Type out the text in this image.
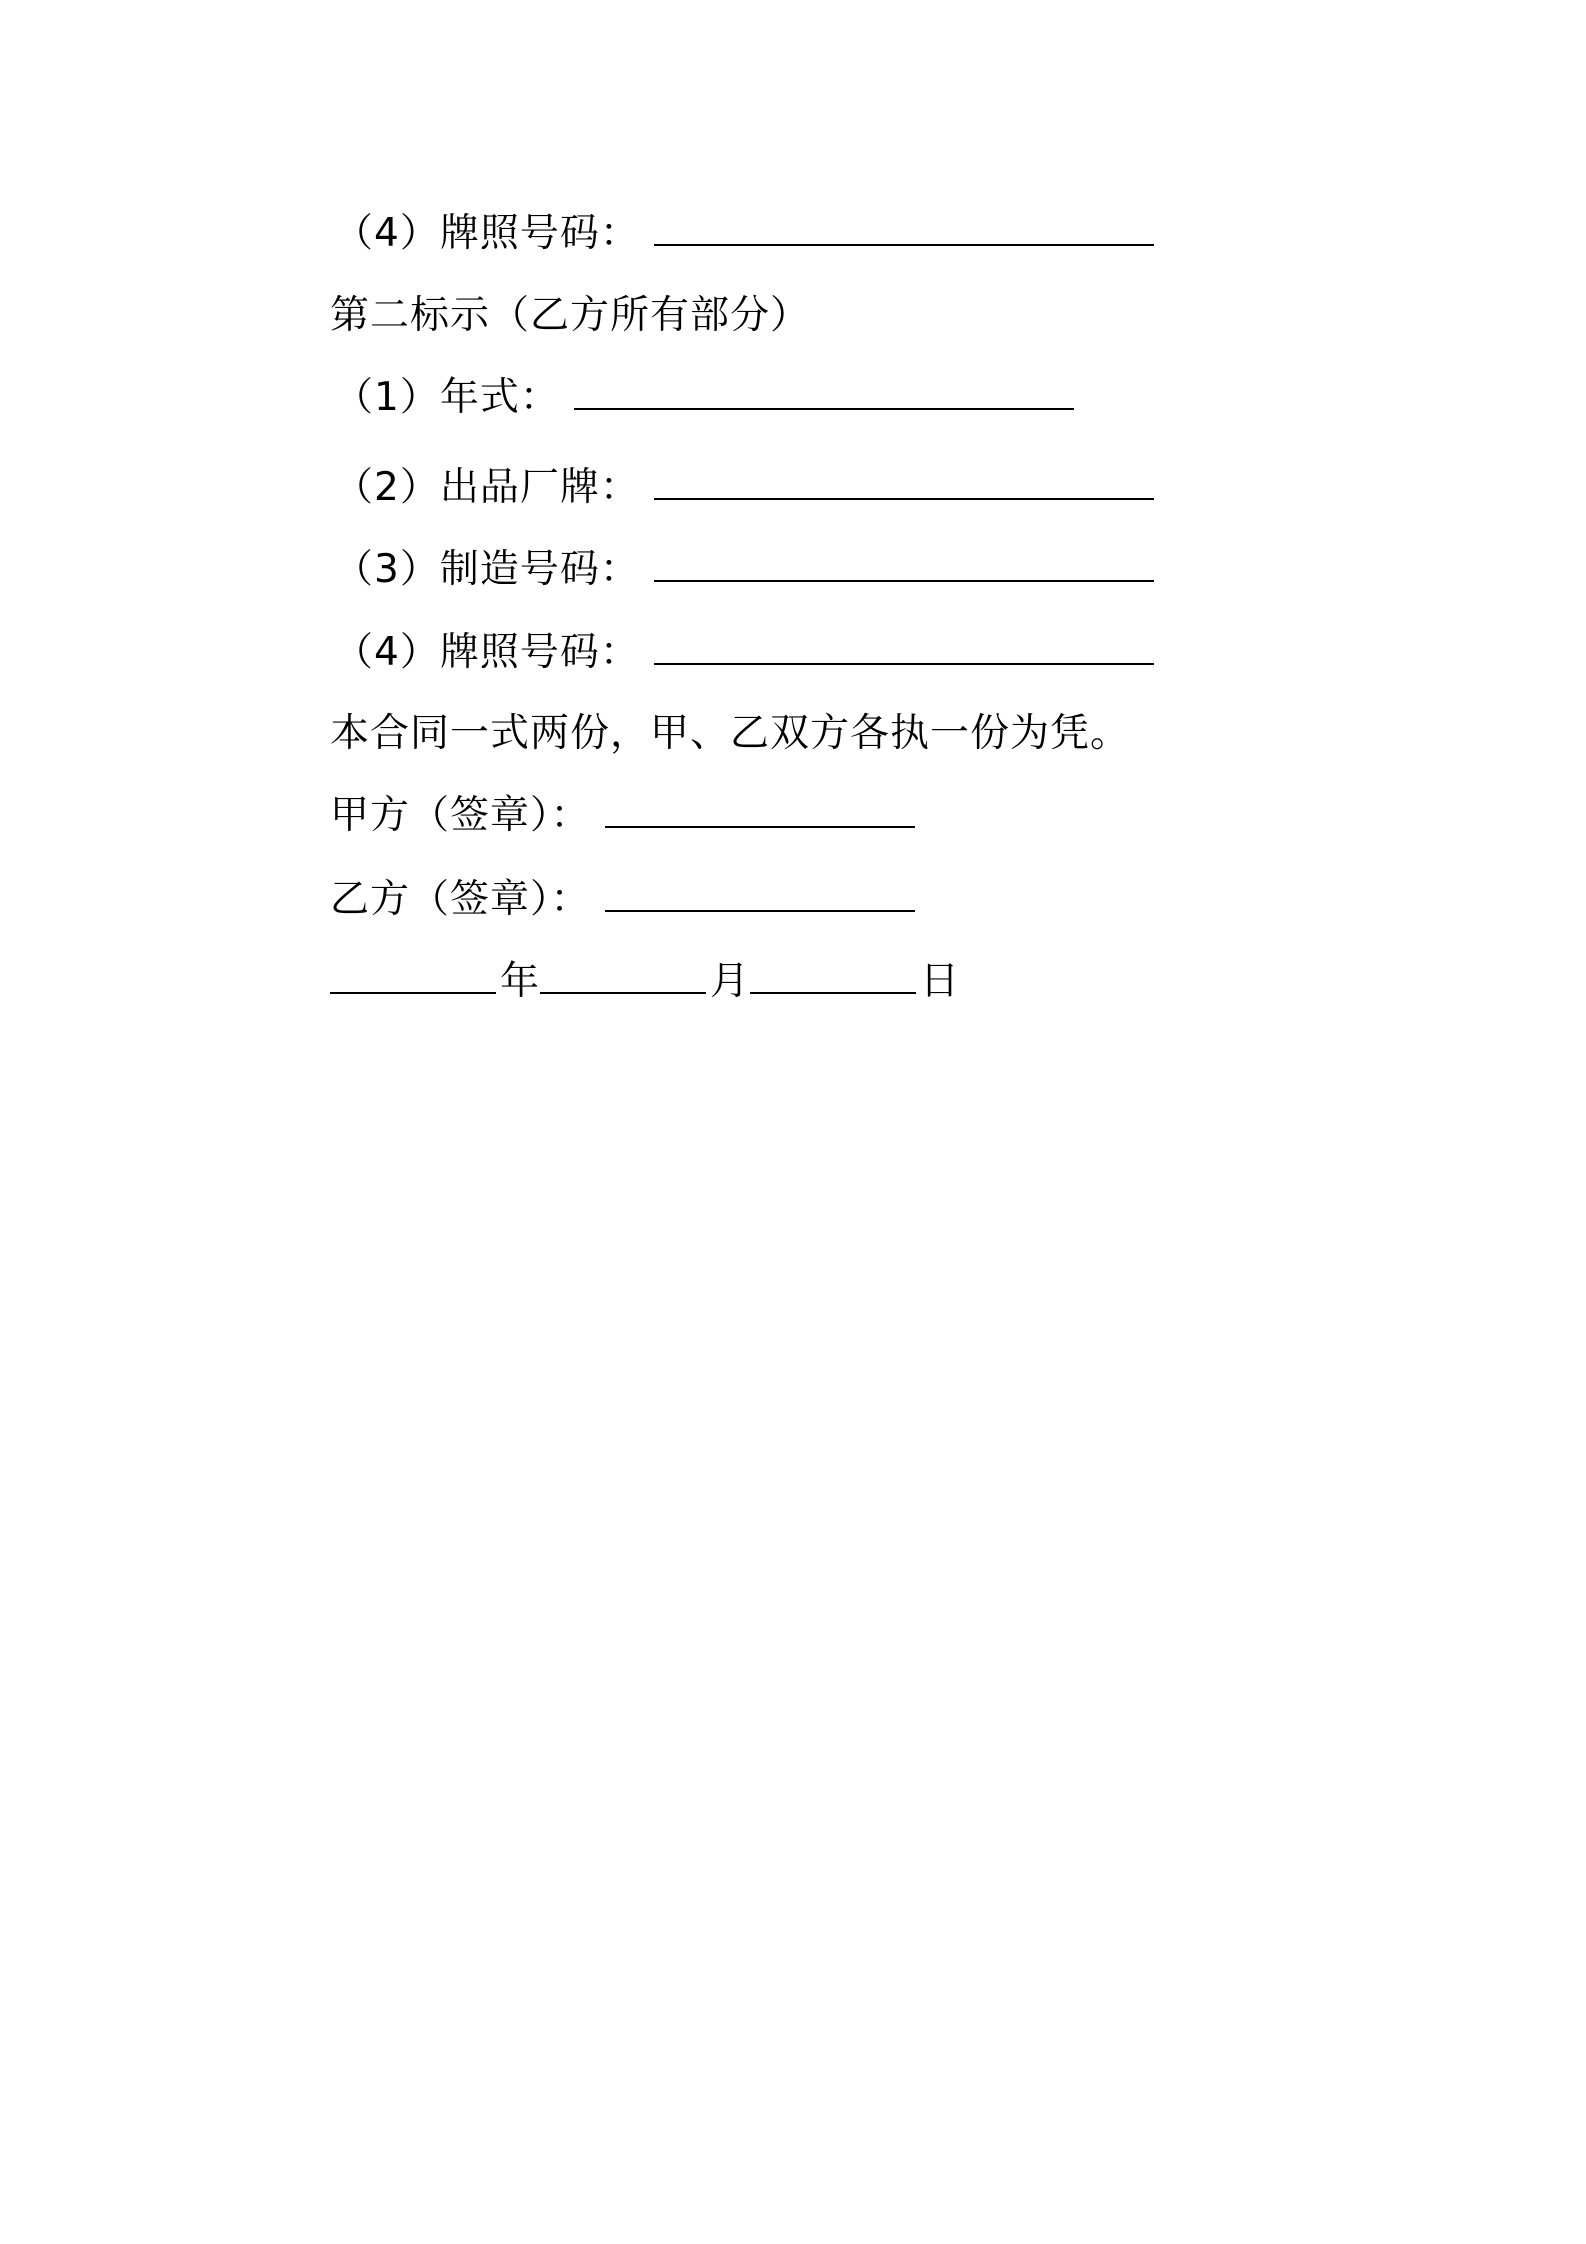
（4）牌照号码：
第二标示（乙方所有部分）
（1）年式：
（2）出品厂牌：
（3）制造号码：
（4）牌照号码：
本合同一式两份，甲、乙双方各执一份为凭。
甲方（签章）：
乙方（签章）：
年	月	日
